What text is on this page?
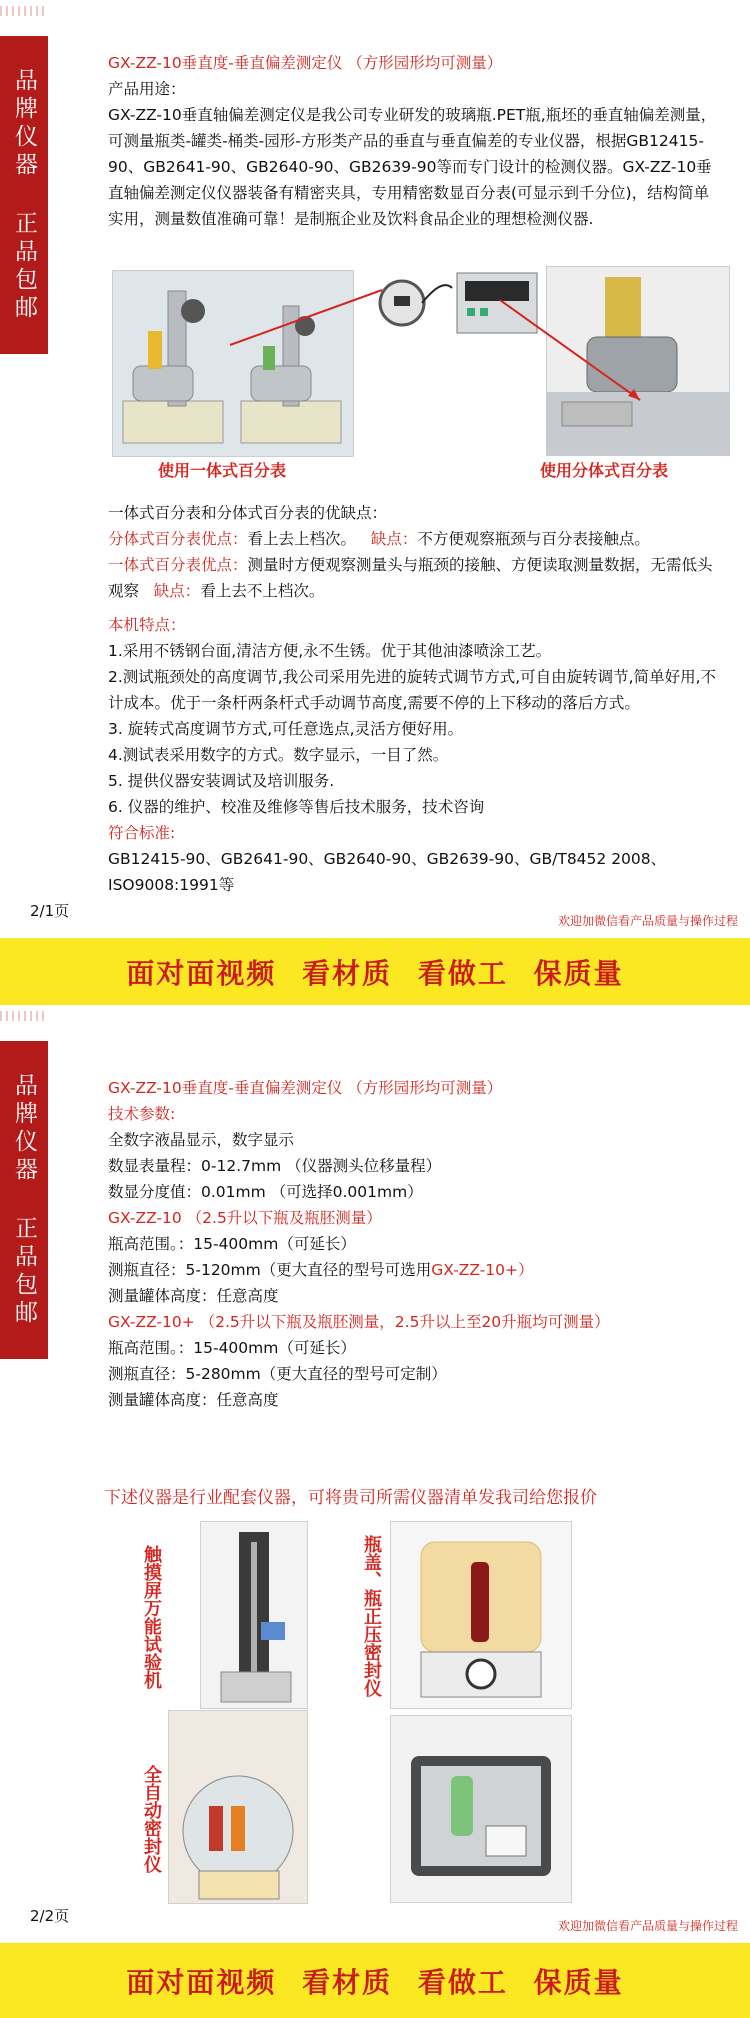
品牌仪器 正品包邮

GX-ZZ-10垂直度-垂直偏差测定仪 （方形园形均可测量）

产品用途：

GX-ZZ-10垂直轴偏差测定仪是我公司专业研发的玻璃瓶.PET瓶,瓶坯的垂直轴偏差测量，可测量瓶类-罐类-桶类-园形-方形类产品的垂直与垂直偏差的专业仪器，根据GB12415-90、GB2641-90、GB2640-90、GB2639-90等而专门设计的检测仪器。GX-ZZ-10垂直轴偏差测定仪仪器装备有精密夹具，专用精密数显百分表(可显示到千分位)，结构简单实用，测量数值准确可靠！是制瓶企业及饮料食品企业的理想检测仪器.

使用一体式百分表	使用分体式百分表

一体式百分表和分体式百分表的优缺点：

分体式百分表优点：看上去上档次。 缺点：不方便观察瓶颈与百分表接触点。

一体式百分表优点：测量时方便观察测量头与瓶颈的接触、方便读取测量数据，无需低头观察 缺点：看上去不上档次。

本机特点：

1.采用不锈钢台面,清洁方便,永不生锈。优于其他油漆喷涂工艺。

2.测试瓶颈处的高度调节,我公司采用先进的旋转式调节方式,可自由旋转调节,简单好用,不计成本。优于一条杆两条杆式手动调节高度,需要不停的上下移动的落后方式。

3. 旋转式高度调节方式,可任意选点,灵活方便好用。

4.测试表采用数字的方式。数字显示，一目了然。

5. 提供仪器安装调试及培训服务.

6. 仪器的维护、校准及维修等售后技术服务，技术咨询

符合标准:

GB12415-90、GB2641-90、GB2640-90、GB2639-90、GB/T8452 2008、ISO9008:1991等

2/1页
欢迎加微信看产品质量与操作过程
面对面视频 看材质 看做工 保质量
品牌仪器 正品包邮	GX-ZZ-10垂直度-垂直偏差测定仪 （方形园形均可测量）

技术参数:

全数字液晶显示，数字显示

数显表量程：0-12.7mm （仪器测头位移量程）

数显分度值：0.01mm （可选择0.001mm）

GX-ZZ-10 （2.5升以下瓶及瓶胚测量）

瓶高范围。：15-400mm（可延长）

测瓶直径：5-120mm（更大直径的型号可选用GX-ZZ-10+）

测量罐体高度：任意高度

GX-ZZ-10+ （2.5升以下瓶及瓶胚测量，2.5升以上至20升瓶均可测量）

瓶高范围。：15-400mm（可延长）

测瓶直径：5-280mm（更大直径的型号可定制）

测量罐体高度：任意高度

下述仪器是行业配套仪器，可将贵司所需仪器清单发我司给您报价
触摸屏万能试验机	瓶盖、瓶正压密封仪
全自动密封仪
2/2页
欢迎加微信看产品质量与操作过程
面对面视频 看材质 看做工 保质量
